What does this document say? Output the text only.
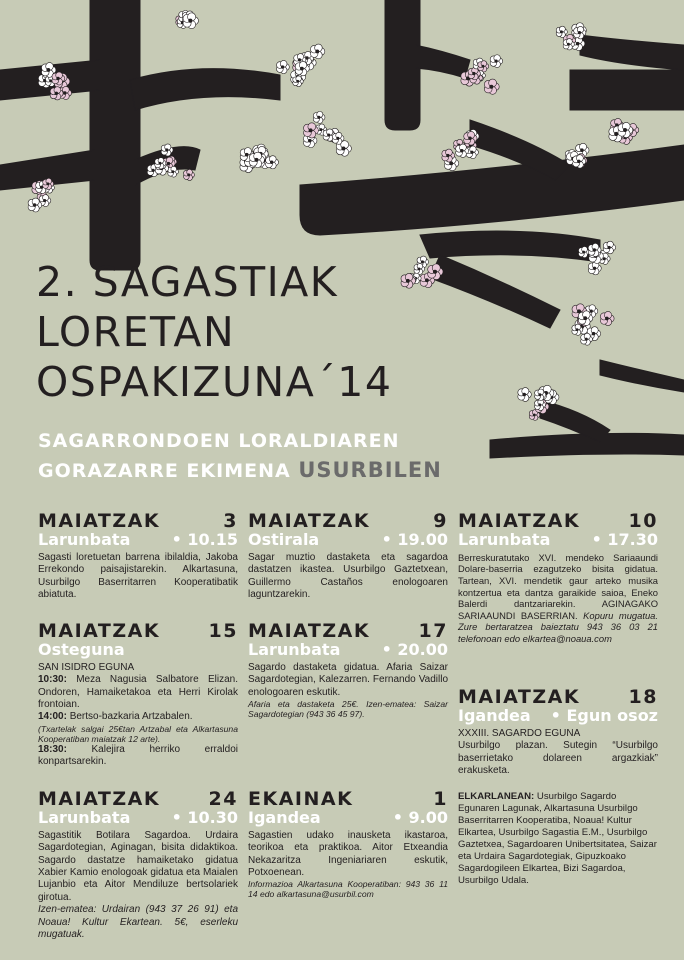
2. SAGASTIAK
LORETAN
OSPAKIZUNA´14
SAGARRONDOEN LORALDIAREN
GORAZARRE EKIMENA USURBILEN
MAIATZAK	3
Larunbata	• 10.15

Sagasti loretuetan barrena ibilaldia, Jakoba Errekondo paisajistarekin. Alkartasuna, Usurbilgo Baserritarren Kooperatibatik abiatuta.

MAIATZAK	15
Osteguna

SAN ISIDRO EGUNA

10:30: Meza Nagusia Salbatore Elizan. Ondoren, Hamaiketakoa eta Herri Kirolak frontoian.

14:00: Bertso-bazkaria Artzabalen.

(Txartelak salgai 25€tan Artzabal eta Alkartasuna Kooperatiban maiatzak 12 arte).

18:30: Kalejira herriko erraldoi konpartsarekin.

MAIATZAK	24
Larunbata	• 10.30

Sagastitik Botilara Sagardoa. Urdaira Sagardotegian, Aginagan, bisita didaktikoa. Sagardo dastatze hamaiketako gidatua Xabier Kamio enologoak gidatua eta Maialen Lujanbio eta Aitor Mendiluze bertsolariek girotua.

Izen-ematea: Urdairan (943 37 26 91) eta Noaua! Kultur Ekartean. 5€, eserleku mugatuak.

MAIATZAK	9
Ostirala	• 19.00

Sagar muztio dastaketa eta sagardoa dastatzen ikastea. Usurbilgo Gaztetxean, Guillermo Castaños enologoaren laguntzarekin.

MAIATZAK	17
Larunbata	• 20.00

Sagardo dastaketa gidatua. Afaria Saizar Sagardotegian, Kalezarren. Fernando Vadillo enologoaren eskutik.

Afaria eta dastaketa 25€. Izen-ematea: Saizar Sagardotegian (943 36 45 97).

EKAINAK	1
Igandea	• 9.00

Sagastien udako inausketa ikastaroa, teorikoa eta praktikoa. Aitor Etxeandia Nekazaritza Ingeniariaren eskutik, Potxoenean.

Informazioa Alkartasuna Kooperatiban: 943 36 11 14 edo alkartasuna@usurbil.com

MAIATZAK	10
Larunbata	• 17.30

Berreskuratutako XVI. mendeko Sariaaundi Dolare-baserria ezagutzeko bisita gidatua. Tartean, XVI. mendetik gaur arteko musika kontzertua eta dantza garaikide saioa, Eneko Balerdi dantzariarekin.	AGINAGAKO SARIAAUNDI BASERRIAN. Kopuru mugatua. Zure bertaratzea baieztatu 943 36 03 21 telefonoan edo elkartea@noaua.com

MAIATZAK	18
Igandea • Egun osoz

XXXIII. SAGARDO EGUNA

Usurbilgo plazan. Sutegin “Usurbilgo baserrietako dolareen argazkiak” erakusketa.

ELKARLANEAN: Usurbilgo Sagardo Egunaren Lagunak, Alkartasuna Usurbilgo Baserritarren Kooperatiba, Noaua! Kultur Elkartea, Usurbilgo Sagastia E.M., Usurbilgo Gaztetxea, Sagardoaren Unibertsitatea, Saizar eta Urdaira Sagardotegiak, Gipuzkoako Sagardogileen Elkartea, Bizi Sagardoa, Usurbilgo Udala.
